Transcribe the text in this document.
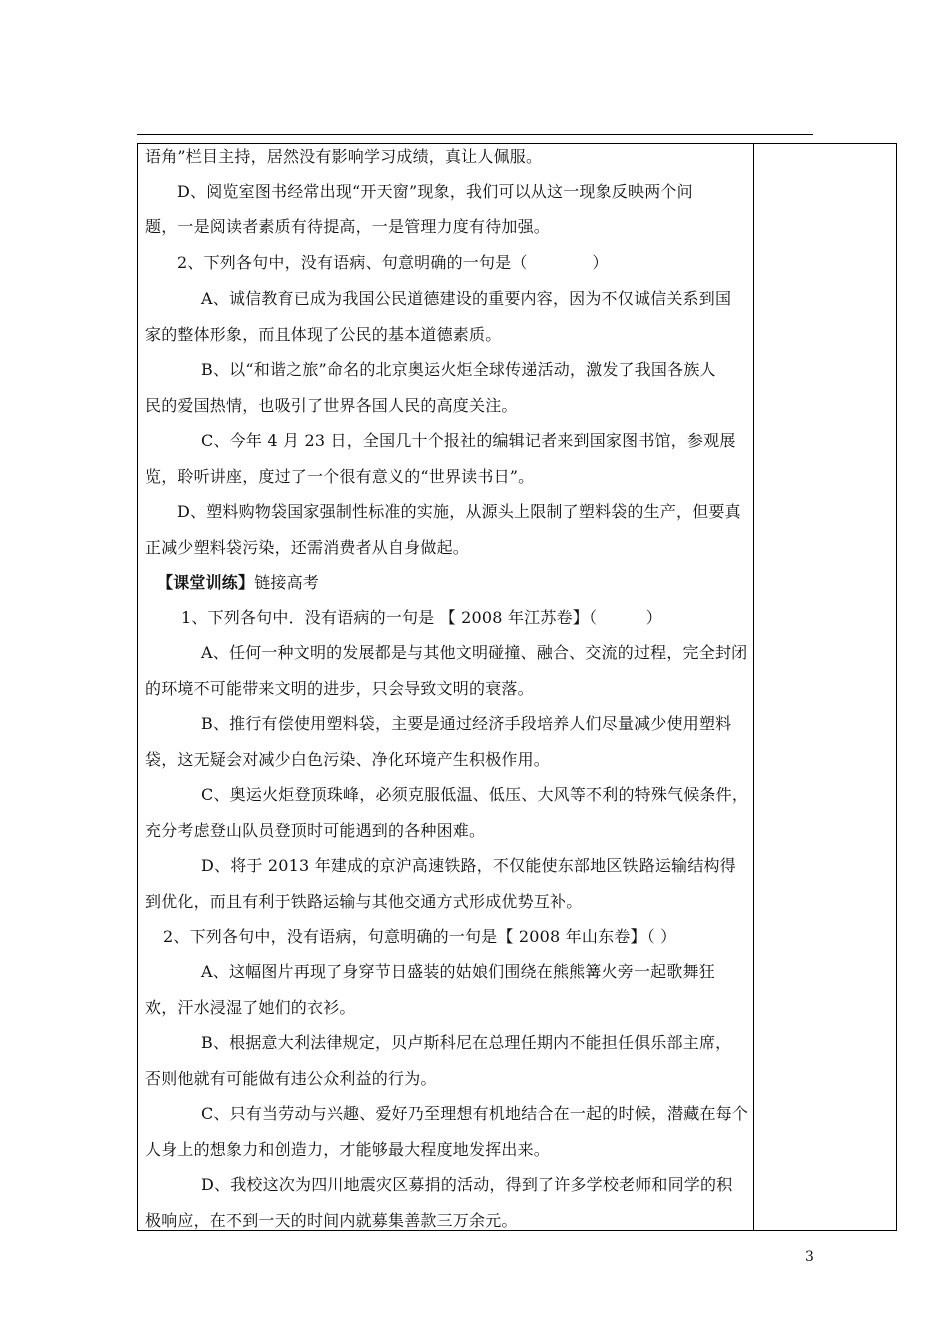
语角”栏目主持，居然没有影响学习成绩，真让人佩服。
D、阅览室图书经常出现“开天窗”现象，我们可以从这一现象反映两个问
题，一是阅读者素质有待提高，一是管理力度有待加强。
2、下列各句中，没有语病、句意明确的一句是（　　　　）
A、诚信教育已成为我国公民道德建设的重要内容，因为不仅诚信关系到国
家的整体形象，而且体现了公民的基本道德素质。
B、以“和谐之旅”命名的北京奥运火炬全球传递活动，激发了我国各族人
民的爱国热情，也吸引了世界各国人民的高度关注。
C、今年 4 月 23 日，全国几十个报社的编辑记者来到国家图书馆，参观展
览，聆听讲座，度过了一个很有意义的“世界读书日”。
D、塑料购物袋国家强制性标准的实施，从源头上限制了塑料袋的生产，但要真
正减少塑料袋污染，还需消费者从自身做起。
【课堂训练】链接高考
1、下列各句中．没有语病的一句是 【 2008 年江苏卷】（　　　）
A、任何一种文明的发展都是与其他文明碰撞、融合、交流的过程，完全封闭
的环境不可能带来文明的进步，只会导致文明的衰落。
B、推行有偿使用塑料袋，主要是通过经济手段培养人们尽量减少使用塑料
袋，这无疑会对减少白色污染、净化环境产生积极作用。
C、奥运火炬登顶珠峰，必须克服低温、低压、大风等不利的特殊气候条件，
充分考虑登山队员登顶时可能遇到的各种困难。
D、将于 2013 年建成的京沪高速铁路，不仅能使东部地区铁路运输结构得
到优化，而且有利于铁路运输与其他交通方式形成优势互补。
2、下列各句中，没有语病，句意明确的一句是【 2008 年山东卷】（ ）
A、这幅图片再现了身穿节日盛装的姑娘们围绕在熊熊篝火旁一起歌舞狂
欢，汗水浸湿了她们的衣衫。
B、根据意大利法律规定，贝卢斯科尼在总理任期内不能担任俱乐部主席，
否则他就有可能做有违公众利益的行为。
C、只有当劳动与兴趣、爱好乃至理想有机地结合在一起的时候，潜藏在每个
人身上的想象力和创造力，才能够最大程度地发挥出来。
D、我校这次为四川地震灾区募捐的活动，得到了许多学校老师和同学的积
极响应，在不到一天的时间内就募集善款三万余元。
3
